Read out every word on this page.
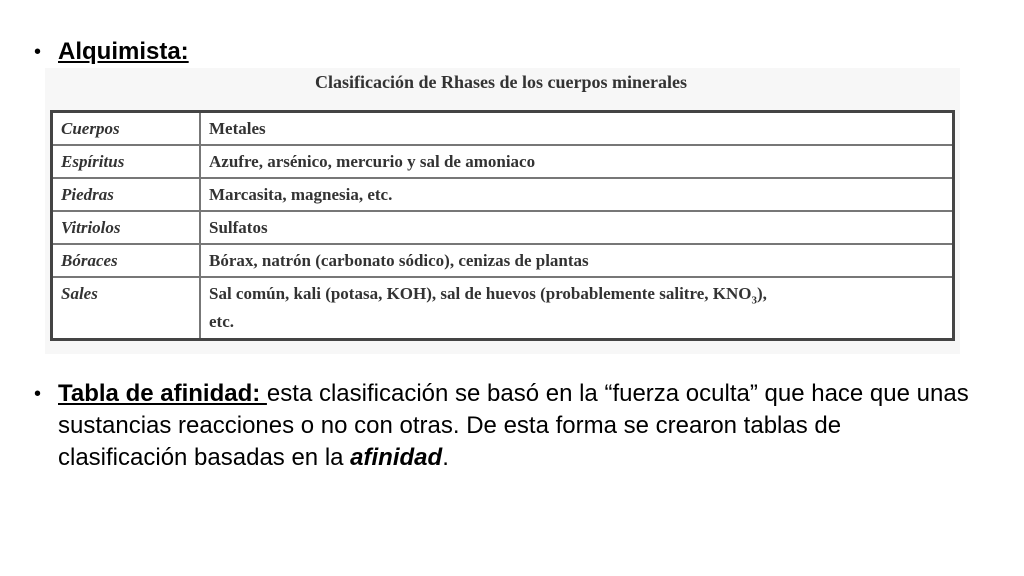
• Alquimista:
Clasificación de Rhases de los cuerpos minerales
Cuerpos	Metales
Espíritus	Azufre, arsénico, mercurio y sal de amoniaco
Piedras	Marcasita, magnesia, etc.
Vitriolos	Sulfatos
Bóraces	Bórax, natrón (carbonato sódico), cenizas de plantas
Sales	Sal común, kali (potasa, KOH), sal de huevos (probablemente salitre, $KNO_3$),
etc.
• Tabla de afinidad: esta clasificación se basó en la “fuerza oculta” que hace que unas sustancias reacciones o no con otras. De esta forma se crearon tablas de clasificación basadas en la afinidad.
